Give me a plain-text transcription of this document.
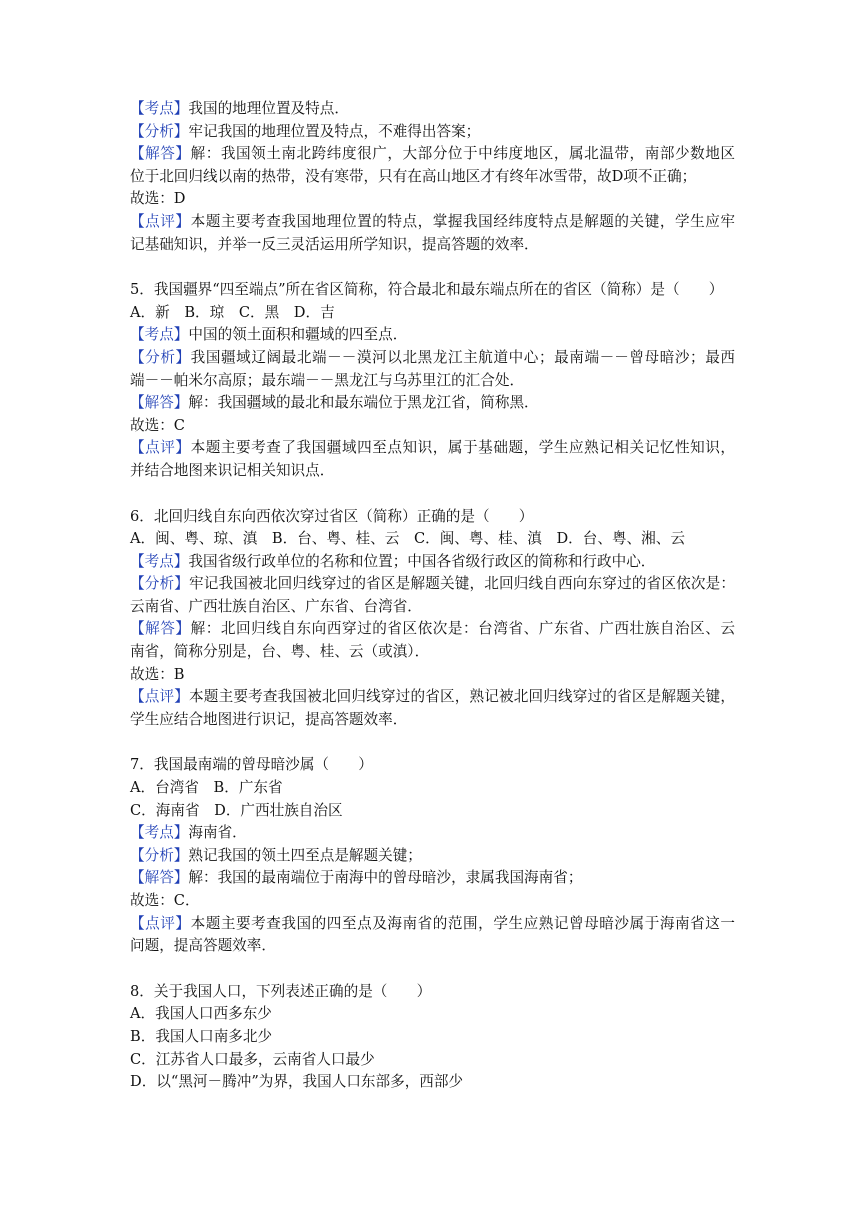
【考点】我国的地理位置及特点．
【分析】牢记我国的地理位置及特点，不难得出答案；
【解答】解：我国领土南北跨纬度很广，大部分位于中纬度地区，属北温带，南部少数地区
位于北回归线以南的热带，没有寒带，只有在高山地区才有终年冰雪带，故D项不正确；
故选：D
【点评】本题主要考查我国地理位置的特点，掌握我国经纬度特点是解题的关键，学生应牢
记基础知识，并举一反三灵活运用所学知识，提高答题的效率．
5．我国疆界“四至端点”所在省区简称，符合最北和最东端点所在的省区（简称）是（　　）
A．新　B．琼　C．黑　D．吉
【考点】中国的领土面积和疆域的四至点．
【分析】我国疆域辽阔最北端－－漠河以北黑龙江主航道中心；最南端－－曾母暗沙；最西
端－－帕米尔高原；最东端－－黑龙江与乌苏里江的汇合处．
【解答】解：我国疆域的最北和最东端位于黑龙江省，简称黑．
故选：C
【点评】本题主要考查了我国疆域四至点知识，属于基础题，学生应熟记相关记忆性知识，
并结合地图来识记相关知识点．
6．北回归线自东向西依次穿过省区（简称）正确的是（　　）
A．闽、粤、琼、滇　B．台、粤、桂、云　C．闽、粤、桂、滇　D．台、粤、湘、云
【考点】我国省级行政单位的名称和位置；中国各省级行政区的简称和行政中心．
【分析】牢记我国被北回归线穿过的省区是解题关键，北回归线自西向东穿过的省区依次是：
云南省、广西壮族自治区、广东省、台湾省．
【解答】解：北回归线自东向西穿过的省区依次是：台湾省、广东省、广西壮族自治区、云
南省，简称分别是，台、粤、桂、云（或滇）．
故选：B
【点评】本题主要考查我国被北回归线穿过的省区，熟记被北回归线穿过的省区是解题关键，
学生应结合地图进行识记，提高答题效率．
7．我国最南端的曾母暗沙属（　　）
A．台湾省　B．广东省
C．海南省　D．广西壮族自治区
【考点】海南省．
【分析】熟记我国的领土四至点是解题关键；
【解答】解：我国的最南端位于南海中的曾母暗沙，隶属我国海南省；
故选：C．
【点评】本题主要考查我国的四至点及海南省的范围，学生应熟记曾母暗沙属于海南省这一
问题，提高答题效率．
8．关于我国人口，下列表述正确的是（　　）
A．我国人口西多东少
B．我国人口南多北少
C．江苏省人口最多，云南省人口最少
D．以“黑河－腾冲”为界，我国人口东部多，西部少
